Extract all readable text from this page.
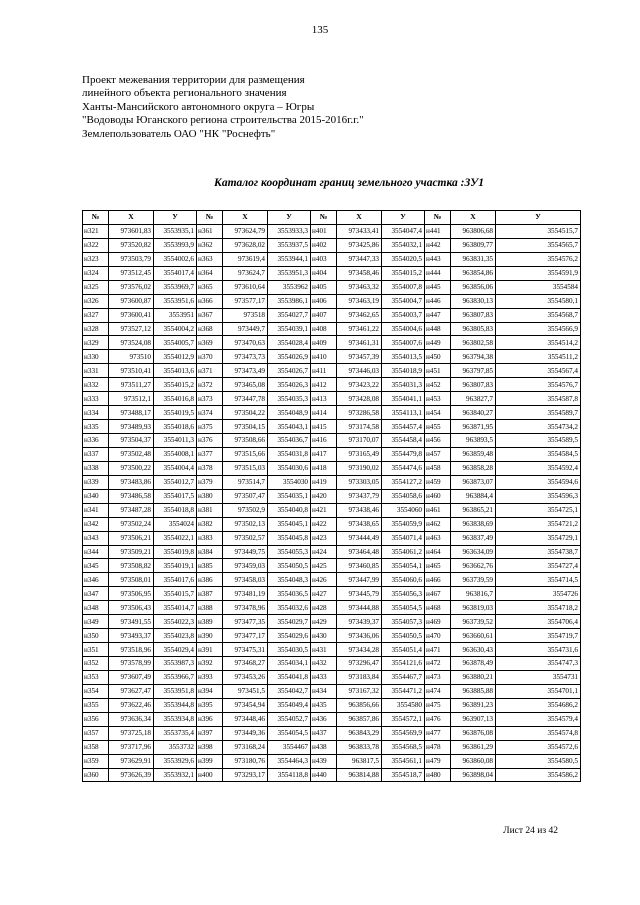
135
Проект межевания территории для размещения
линейного объекта регионального значения
Ханты-Мансийского автономного округа – Югры
"Водоводы Юганского региона строительства 2015-2016г.г."
Землепользователь ОАО "НК "Роснефть"
Каталог координат границ земельного участка :ЗУ1
№	X	У	№	X	У	№	X	У	№	X	У
н321	973601,83	3553935,1	н361	973624,79	3553933,3	н401	973433,41	3554047,4	н441	963806,68	3554515,7
н322	973520,82	3553993,9	н362	973628,02	3553937,5	н402	973425,86	3554032,1	н442	963809,77	3554565,7
н323	973503,79	3554002,6	н363	973619,4	3553944,1	н403	973447,33	3554020,5	н443	963831,35	3554576,2
н324	973512,45	3554017,4	н364	973624,7	3553951,3	н404	973458,46	3554015,2	н444	963854,86	3554591,9
н325	973576,02	3553969,7	н365	973610,64	3553962	н405	973463,32	3554007,8	н445	963856,06	3554584
н326	973600,87	3553951,6	н366	973577,17	3553986,1	н406	973463,19	3554004,7	н446	963830,13	3554580,1
н327	973600,41	3553951	н367	973518	3554027,7	н407	973462,65	3554003,7	н447	963807,83	3554568,7
н328	973527,12	3554004,2	н368	973449,7	3554039,1	н408	973461,22	3554004,6	н448	963805,83	3554566,9
н329	973524,08	3554005,7	н369	973470,63	3554028,4	н409	973461,31	3554007,6	н449	963802,58	3554514,2
н330	973510	3554012,9	н370	973473,73	3554026,9	н410	973457,39	3554013,5	н450	963794,38	3554511,2
н331	973510,41	3554013,6	н371	973473,49	3554026,7	н411	973446,03	3554018,9	н451	963797,85	3554567,4
н332	973511,27	3554015,2	н372	973465,08	3554026,3	н412	973423,22	3554031,3	н452	963807,83	3554576,7
н333	973512,1	3554016,8	н373	973447,78	3554035,3	н413	973428,08	3554041,1	н453	963827,7	3554587,8
н334	973488,17	3554019,5	н374	973504,22	3554048,9	н414	973286,58	3554113,1	н454	963840,27	3554589,7
н335	973489,93	3554018,6	н375	973504,15	3554043,1	н415	973174,58	3554457,4	н455	963871,95	3554734,2
н336	973504,37	3554011,3	н376	973508,66	3554036,7	н416	973170,07	3554458,4	н456	963893,5	3554589,5
н337	973502,48	3554008,1	н377	973515,66	3554031,8	н417	973165,49	3554479,8	н457	963859,48	3554584,5
н338	973500,22	3554004,4	н378	973515,03	3554030,6	н418	973190,02	3554474,6	н458	963858,28	3554592,4
н339	973483,86	3554012,7	н379	973514,7	3554030	н419	973303,05	3554127,2	н459	963873,07	3554594,6
н340	973486,58	3554017,5	н380	973507,47	3554035,1	н420	973437,79	3554058,6	н460	963884,4	3554596,3
н341	973487,28	3554018,8	н381	973502,9	3554040,8	н421	973438,46	3554060	н461	963865,21	3554725,1
н342	973502,24	3554024	н382	973502,13	3554045,1	н422	973438,65	3554059,9	н462	963838,69	3554721,2
н343	973506,21	3554022,1	н383	973502,57	3554045,8	н423	973444,49	3554071,4	н463	963837,49	3554729,1
н344	973509,21	3554019,8	н384	973449,75	3554055,3	н424	973464,48	3554061,2	н464	963634,09	3554738,7
н345	973508,82	3554019,1	н385	973459,03	3554050,5	н425	973460,85	3554054,1	н465	963662,76	3554727,4
н346	973508,01	3554017,6	н386	973458,03	3554048,3	н426	973447,99	3554060,6	н466	963739,59	3554714,5
н347	973506,95	3554015,7	н387	973481,19	3554036,5	н427	973445,79	3554056,3	н467	963816,7	3554726
н348	973506,43	3554014,7	н388	973478,96	3554032,6	н428	973444,88	3554054,5	н468	963819,03	3554718,2
н349	973491,55	3554022,3	н389	973477,35	3554029,7	н429	973439,37	3554057,3	н469	963739,52	3554706,4
н350	973493,37	3554023,8	н390	973477,17	3554029,6	н430	973436,06	3554050,5	н470	963660,61	3554719,7
н351	973518,96	3554029,4	н391	973475,31	3554030,5	н431	973434,28	3554051,4	н471	963630,43	3554731,6
н352	973578,99	3553987,3	н392	973468,27	3554034,1	н432	973296,47	3554121,6	н472	963878,49	3554747,3
н353	973607,49	3553966,7	н393	973453,26	3554041,8	н433	973183,84	3554467,7	н473	963880,21	3554731
н354	973627,47	3553951,8	н394	973451,5	3554042,7	н434	973167,32	3554471,2	н474	963885,88	3554701,1
н355	973622,46	3553944,8	н395	973454,94	3554049,4	н435	963856,66	3554580	н475	963891,23	3554686,2
н356	973636,34	3553934,8	н396	973448,46	3554052,7	н436	963857,86	3554572,1	н476	963907,13	3554579,4
н357	973725,18	3553735,4	н397	973449,36	3554054,5	н437	963843,29	3554569,9	н477	963876,08	3554574,8
н358	973717,96	3553732	н398	973168,24	3554467	н438	963833,78	3554568,5	н478	963861,29	3554572,6
н359	973629,91	3553929,6	н399	973180,76	3554464,3	н439	963817,5	3554561,1	н479	963860,08	3554580,5
н360	973626,39	3553932,1	н400	973293,17	3554118,8	н440	963814,88	3554518,7	н480	963898,04	3554586,2
Лист 24 из 42
